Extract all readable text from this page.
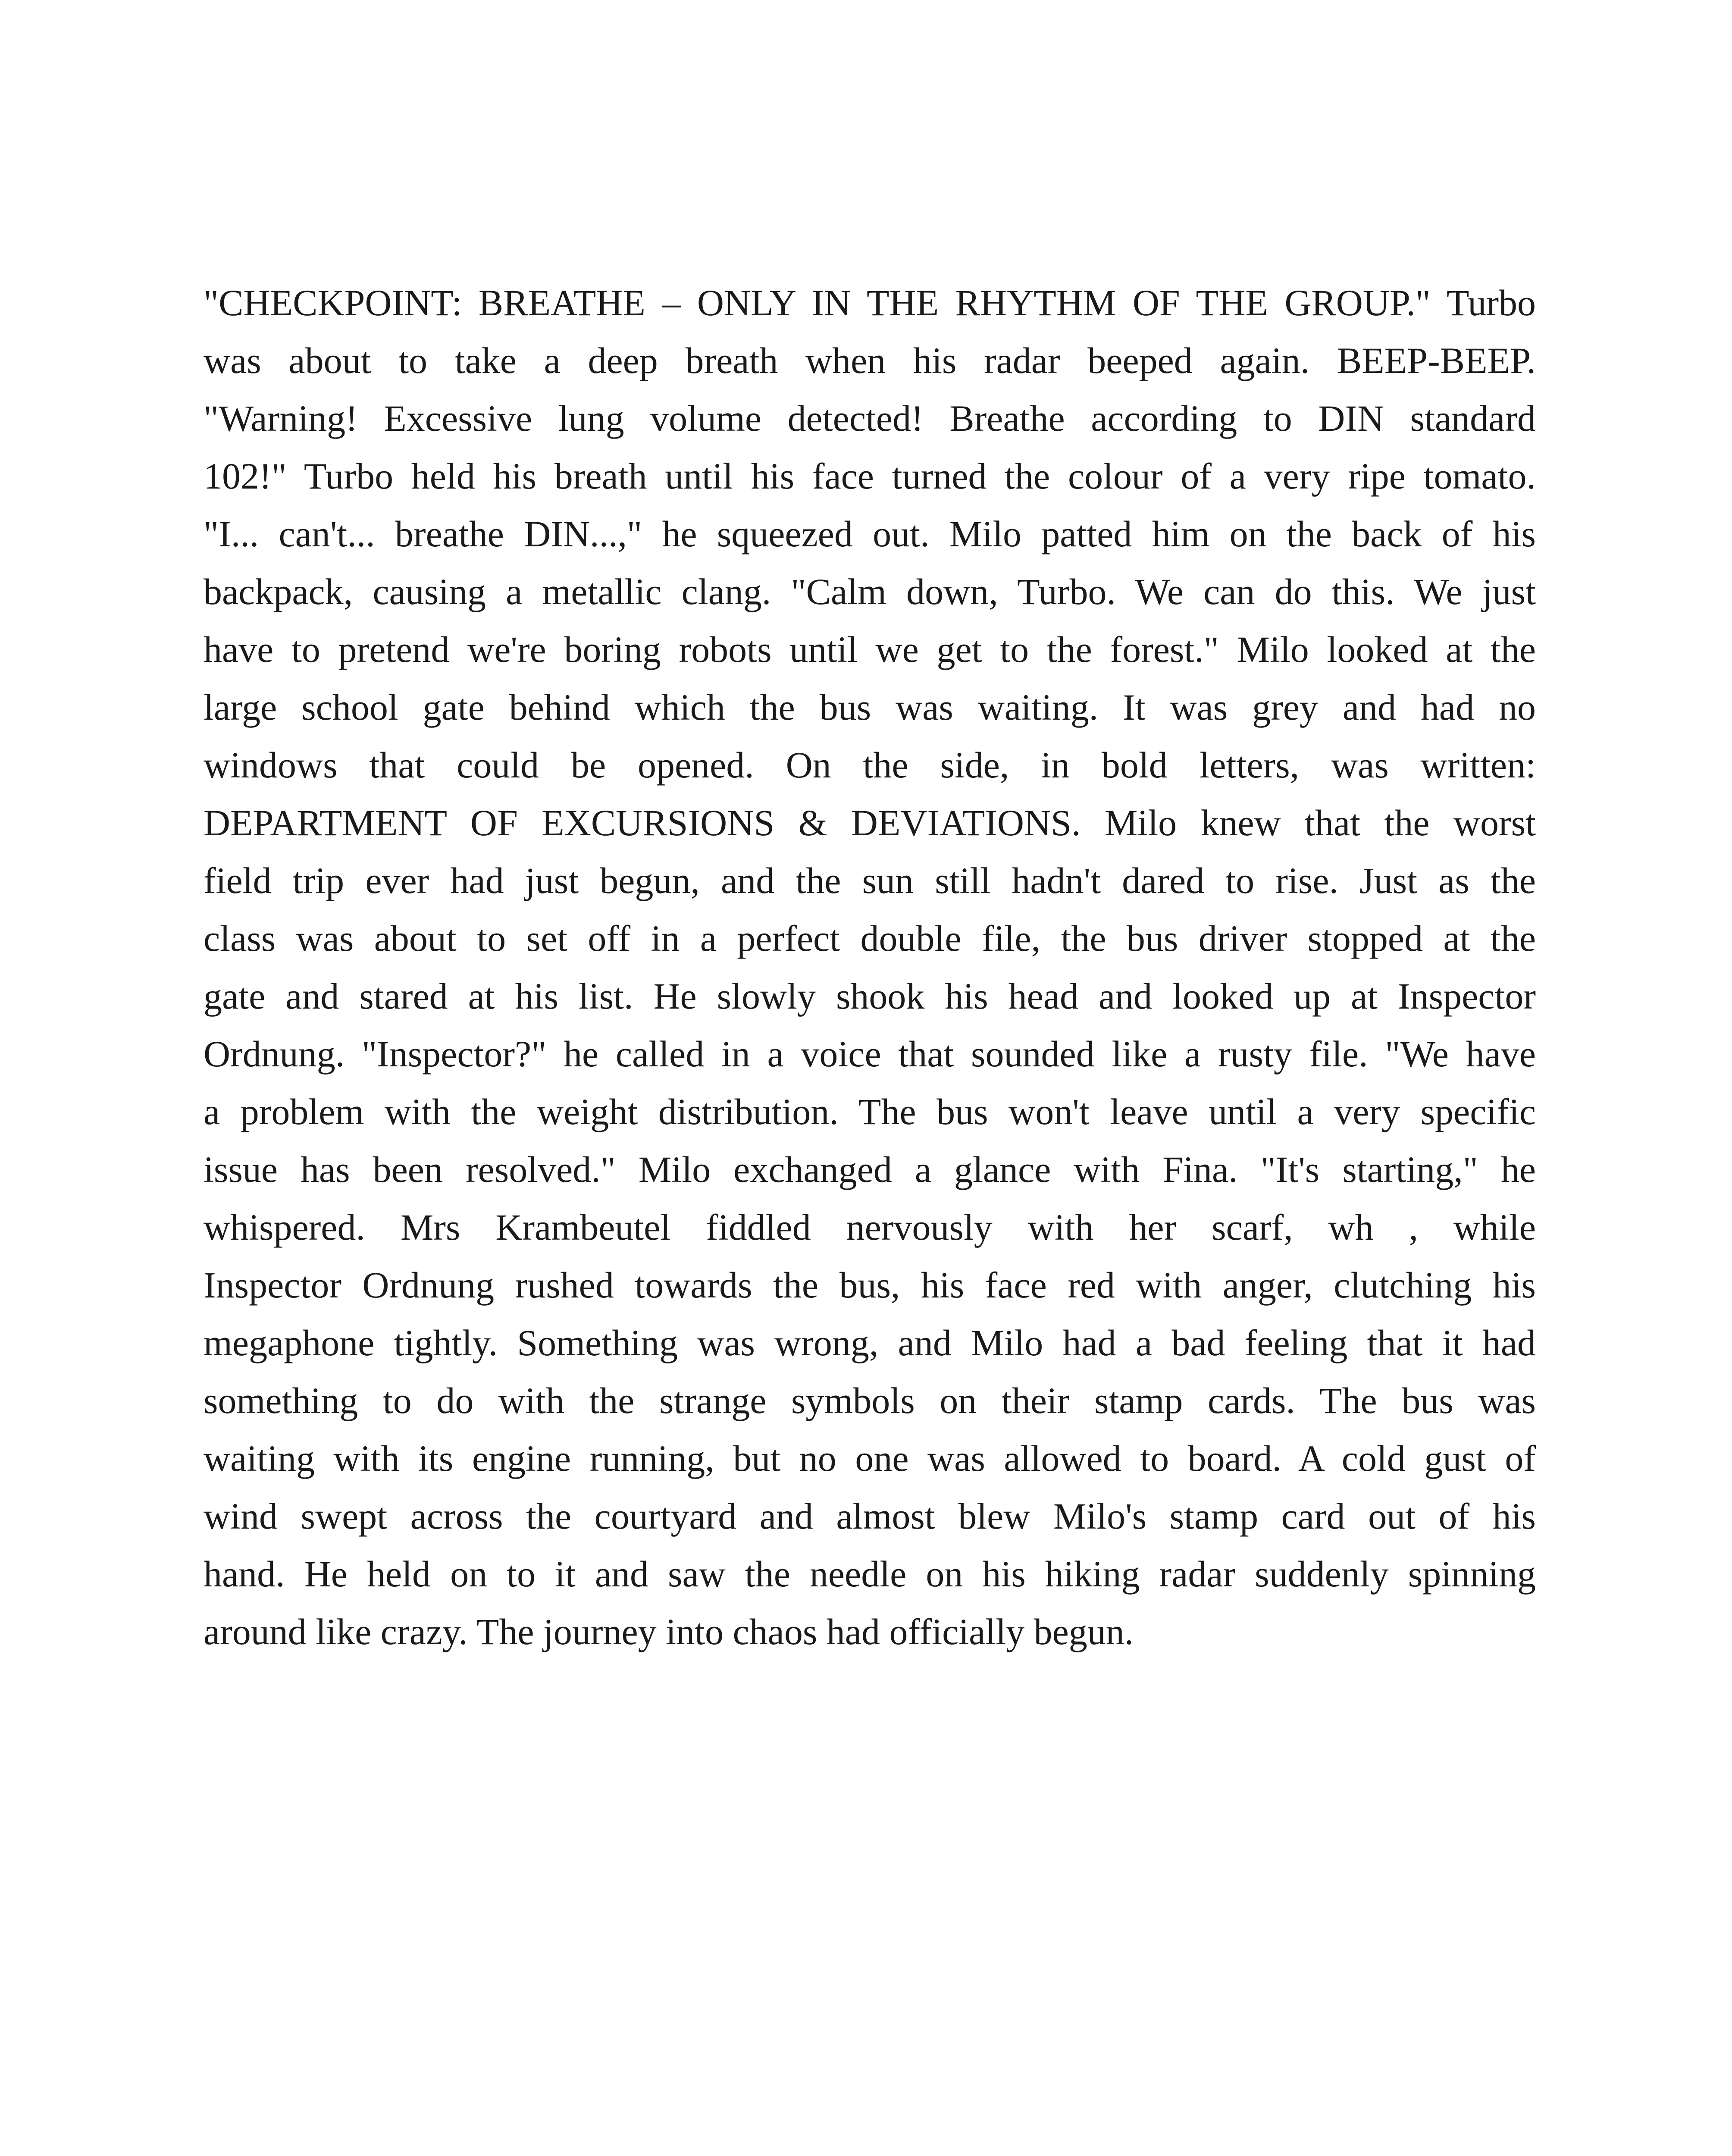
"CHECKPOINT: BREATHE – ONLY IN THE RHYTHM OF THE GROUP." Turbo
was about to take a deep breath when his radar beeped again. BEEP-BEEP.
"Warning! Excessive lung volume detected! Breathe according to DIN standard
102!" Turbo held his breath until his face turned the colour of a very ripe tomato.
"I... can't... breathe DIN...," he squeezed out. Milo patted him on the back of his
backpack, causing a metallic clang. "Calm down, Turbo. We can do this. We just
have to pretend we're boring robots until we get to the forest." Milo looked at the
large school gate behind which the bus was waiting. It was grey and had no
windows that could be opened. On the side, in bold letters, was written:
DEPARTMENT OF EXCURSIONS & DEVIATIONS. Milo knew that the worst
field trip ever had just begun, and the sun still hadn't dared to rise. Just as the
class was about to set off in a perfect double file, the bus driver stopped at the
gate and stared at his list. He slowly shook his head and looked up at Inspector
Ordnung. "Inspector?" he called in a voice that sounded like a rusty file. "We have
a problem with the weight distribution. The bus won't leave until a very specific
issue has been resolved." Milo exchanged a glance with Fina. "It's starting," he
whispered. Mrs Krambeutel fiddled nervously with her scarf, wh , while
Inspector Ordnung rushed towards the bus, his face red with anger, clutching his
megaphone tightly. Something was wrong, and Milo had a bad feeling that it had
something to do with the strange symbols on their stamp cards. The bus was
waiting with its engine running, but no one was allowed to board. A cold gust of
wind swept across the courtyard and almost blew Milo's stamp card out of his
hand. He held on to it and saw the needle on his hiking radar suddenly spinning
around like crazy. The journey into chaos had officially begun.
